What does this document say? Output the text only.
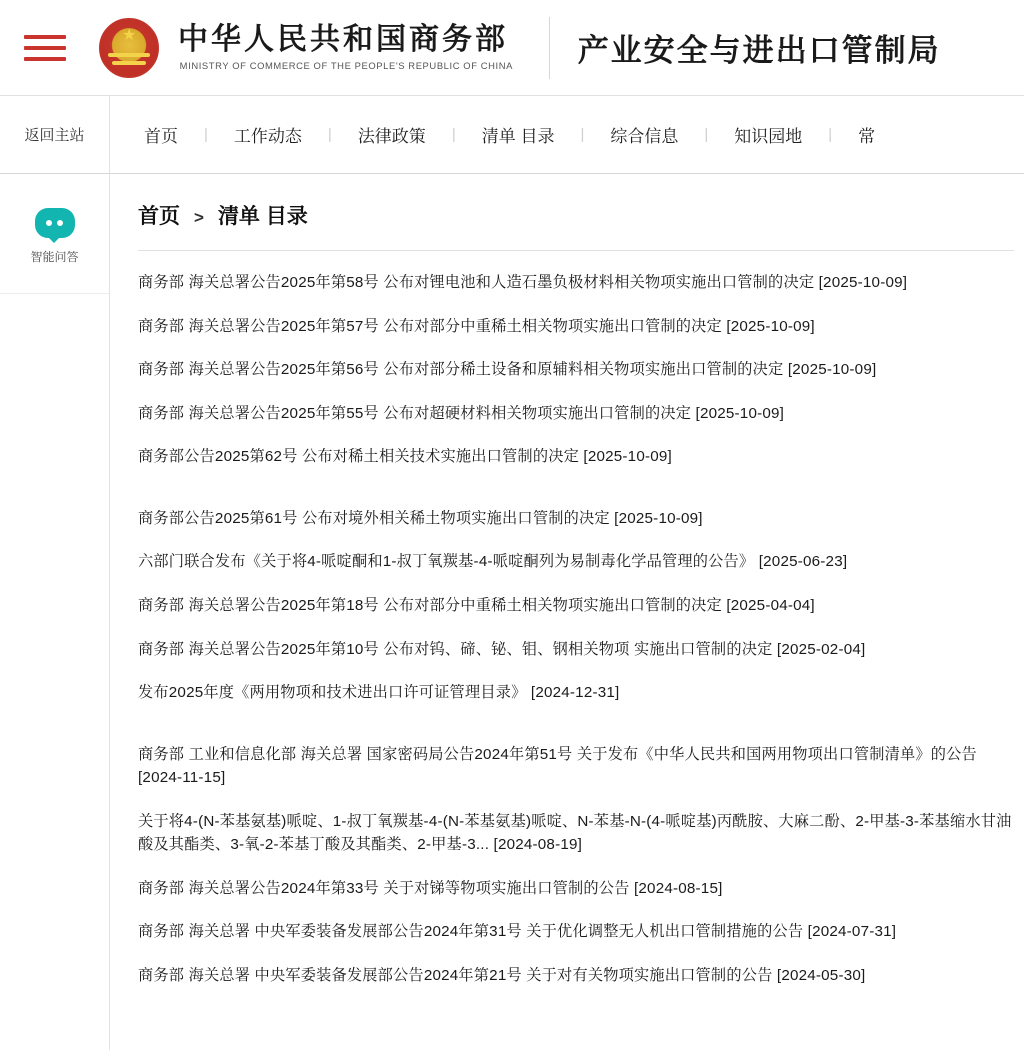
★ 中华人民共和国商务部
MINISTRY OF COMMERCE OF THE PEOPLE'S REPUBLIC OF CHINA 产业安全与进出口管制局
返回主站	首页 | 工作动态 | 法律政策 | 清单 目录 | 综合信息 | 知识园地 | 常
智能问答
首页 > 清单 目录
商务部 海关总署公告2025年第58号 公布对锂电池和人造石墨负极材料相关物项实施出口管制的决定 [2025-10-09]
商务部 海关总署公告2025年第57号 公布对部分中重稀土相关物项实施出口管制的决定 [2025-10-09]
商务部 海关总署公告2025年第56号 公布对部分稀土设备和原辅料相关物项实施出口管制的决定 [2025-10-09]
商务部 海关总署公告2025年第55号 公布对超硬材料相关物项实施出口管制的决定 [2025-10-09]
商务部公告2025第62号 公布对稀土相关技术实施出口管制的决定 [2025-10-09]
商务部公告2025第61号 公布对境外相关稀土物项实施出口管制的决定 [2025-10-09]
六部门联合发布《关于将4-哌啶酮和1-叔丁氧羰基-4-哌啶酮列为易制毒化学品管理的公告》 [2025-06-23]
商务部 海关总署公告2025年第18号 公布对部分中重稀土相关物项实施出口管制的决定 [2025-04-04]
商务部 海关总署公告2025年第10号 公布对钨、碲、铋、钼、钢相关物项 实施出口管制的决定 [2025-02-04]
发布2025年度《两用物项和技术进出口许可证管理目录》 [2024-12-31]
商务部 工业和信息化部 海关总署 国家密码局公告2024年第51号 关于发布《中华人民共和国两用物项出口管制清单》的公告 [2024-11-15]
关于将4-(N-苯基氨基)哌啶、1-叔丁氧羰基-4-(N-苯基氨基)哌啶、N-苯基-N-(4-哌啶基)丙酰胺、大麻二酚、2-甲基-3-苯基缩水甘油酸及其酯类、3-氧-2-苯基丁酸及其酯类、2-甲基-3... [2024-08-19]
商务部 海关总署公告2024年第33号 关于对锑等物项实施出口管制的公告 [2024-08-15]
商务部 海关总署 中央军委装备发展部公告2024年第31号 关于优化调整无人机出口管制措施的公告 [2024-07-31]
商务部 海关总署 中央军委装备发展部公告2024年第21号 关于对有关物项实施出口管制的公告 [2024-05-30]
